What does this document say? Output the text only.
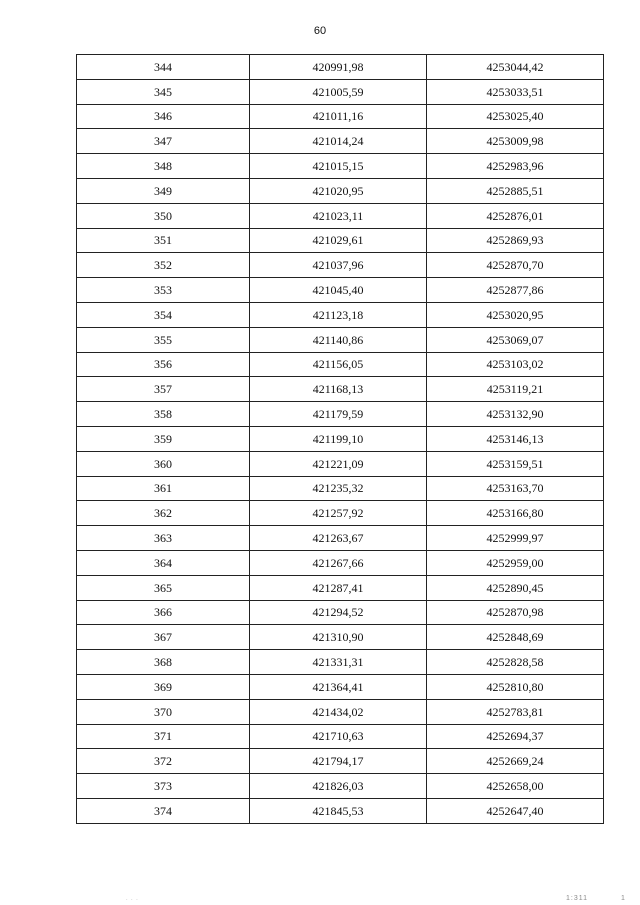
60
344	420991,98	4253044,42
345	421005,59	4253033,51
346	421011,16	4253025,40
347	421014,24	4253009,98
348	421015,15	4252983,96
349	421020,95	4252885,51
350	421023,11	4252876,01
351	421029,61	4252869,93
352	421037,96	4252870,70
353	421045,40	4252877,86
354	421123,18	4253020,95
355	421140,86	4253069,07
356	421156,05	4253103,02
357	421168,13	4253119,21
358	421179,59	4253132,90
359	421199,10	4253146,13
360	421221,09	4253159,51
361	421235,32	4253163,70
362	421257,92	4253166,80
363	421263,67	4252999,97
364	421267,66	4252959,00
365	421287,41	4252890,45
366	421294,52	4252870,98
367	421310,90	4252848,69
368	421331,31	4252828,58
369	421364,41	4252810,80
370	421434,02	4252783,81
371	421710,63	4252694,37
372	421794,17	4252669,24
373	421826,03	4252658,00
374	421845,53	4252647,40
· · ·	1:311	1
